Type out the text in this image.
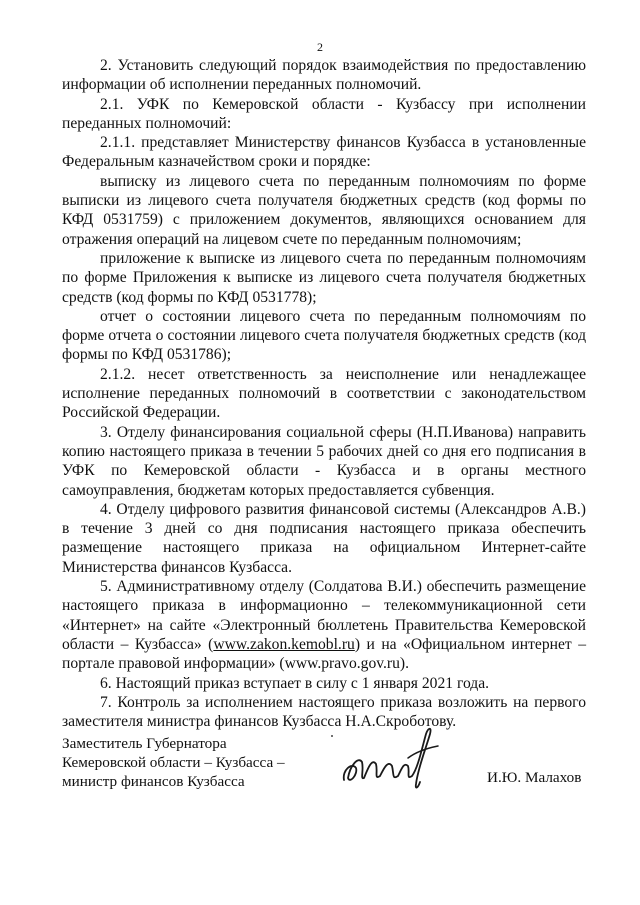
2

2. Установить следующий порядок взаимодействия по предоставлению информации об исполнении переданных полномочий.

2.1. УФК по Кемеровской области - Кузбассу при исполнении переданных полномочий:

2.1.1. представляет Министерству финансов Кузбасса в установленные Федеральным казначейством сроки и порядке:

выписку из лицевого счета по переданным полномочиям по форме выписки из лицевого счета получателя бюджетных средств (код формы по КФД 0531759) с приложением документов, являющихся основанием для отражения операций на лицевом счете по переданным полномочиям;

приложение к выписке из лицевого счета по переданным полномочиям по форме Приложения к выписке из лицевого счета получателя бюджетных средств (код формы по КФД 0531778);

отчет о состоянии лицевого счета по переданным полномочиям по форме отчета о состоянии лицевого счета получателя бюджетных средств (код формы по КФД 0531786);

2.1.2. несет ответственность за неисполнение или ненадлежащее исполнение переданных полномочий в соответствии с законодательством Российской Федерации.

3. Отделу финансирования социальной сферы (Н.П.Иванова) направить копию настоящего приказа в течении 5 рабочих дней со дня его подписания в УФК по Кемеровской области - Кузбасса и в органы местного самоуправления, бюджетам которых предоставляется субвенция.

4. Отделу цифрового развития финансовой системы (Александров А.В.) в течение 3 дней со дня подписания настоящего приказа обеспечить размещение настоящего приказа на официальном Интернет-сайте Министерства финансов Кузбасса.

5. Административному отделу (Солдатова В.И.) обеспечить размещение настоящего приказа в информационно – телекоммуникационной сети «Интернет» на сайте «Электронный бюллетень Правительства Кемеровской области – Кузбасса» (www.zakon.kemobl.ru) и на «Официальном интернет – портале правовой информации» (www.pravo.gov.ru).

6. Настоящий приказ вступает в силу с 1 января 2021 года.

7. Контроль за исполнением настоящего приказа возложить на первого заместителя министра финансов Кузбасса Н.А.Скроботову.

Заместитель Губернатора
Кемеровской области – Кузбасса –
министр финансов Кузбасса	И.Ю. Малахов
